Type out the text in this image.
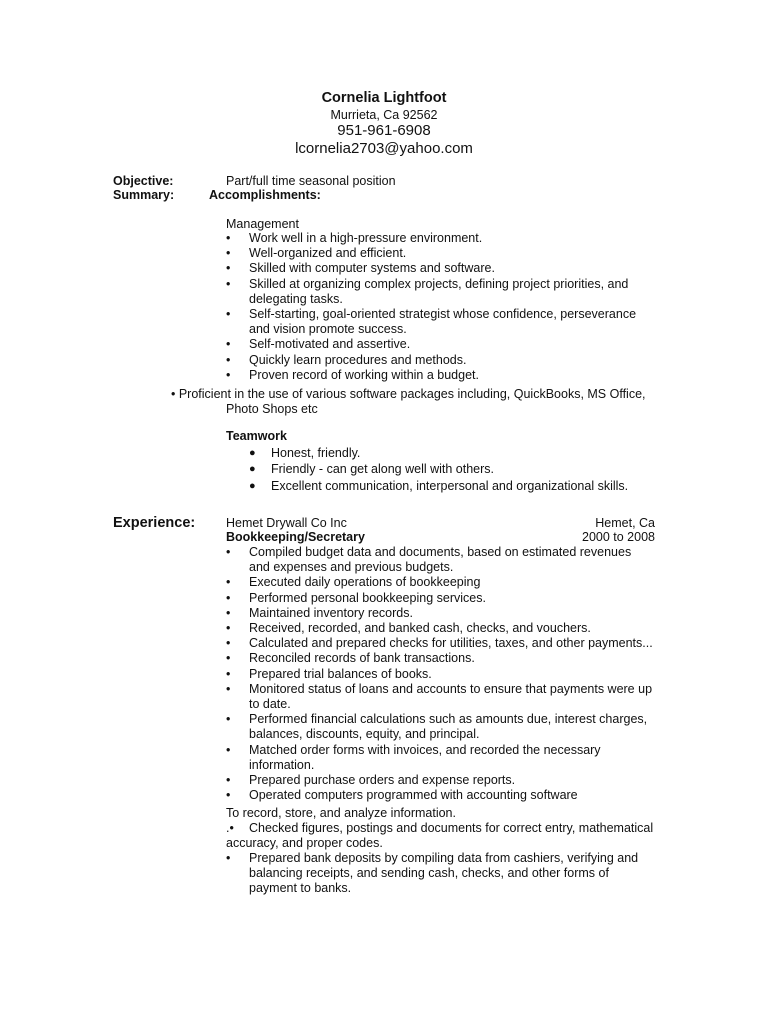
Cornelia Lightfoot
Murrieta, Ca 92562
951-961-6908
lcornelia2703@yahoo.com
Objective:	Part/full time seasonal position
Summary:	Accomplishments:
Management
• Work well in a high-pressure environment.
• Well-organized and efficient.
• Skilled with computer systems and software.
• Skilled at organizing complex projects, defining project priorities, and
delegating tasks.
• Self-starting, goal-oriented strategist whose confidence, perseverance
and vision promote success.
• Self-motivated and assertive.
• Quickly learn procedures and methods.
• Proven record of working within a budget.
• Proficient in the use of various software packages including, QuickBooks, MS Office,
Photo Shops etc
Teamwork
● Honest, friendly.
● Friendly - can get along well with others.
● Excellent communication, interpersonal and organizational skills.
Experience: Hemet Drywall Co Inc	Hemet, Ca
Bookkeeping/Secretary	2000 to 2008
• Compiled budget data and documents, based on estimated revenues
and expenses and previous budgets.
• Executed daily operations of bookkeeping
• Performed personal bookkeeping services.
• Maintained inventory records.
• Received, recorded, and banked cash, checks, and vouchers.
• Calculated and prepared checks for utilities, taxes, and other payments...
• Reconciled records of bank transactions.
• Prepared trial balances of books.
• Monitored status of loans and accounts to ensure that payments were up
to date.
• Performed financial calculations such as amounts due, interest charges,
balances, discounts, equity, and principal.
• Matched order forms with invoices, and recorded the necessary
information.
• Prepared purchase orders and expense reports.
• Operated computers programmed with accounting software
To record, store, and analyze information.
.• Checked figures, postings and documents for correct entry, mathematical
accuracy, and proper codes.
• Prepared bank deposits by compiling data from cashiers, verifying and
balancing receipts, and sending cash, checks, and other forms of
payment to banks.
